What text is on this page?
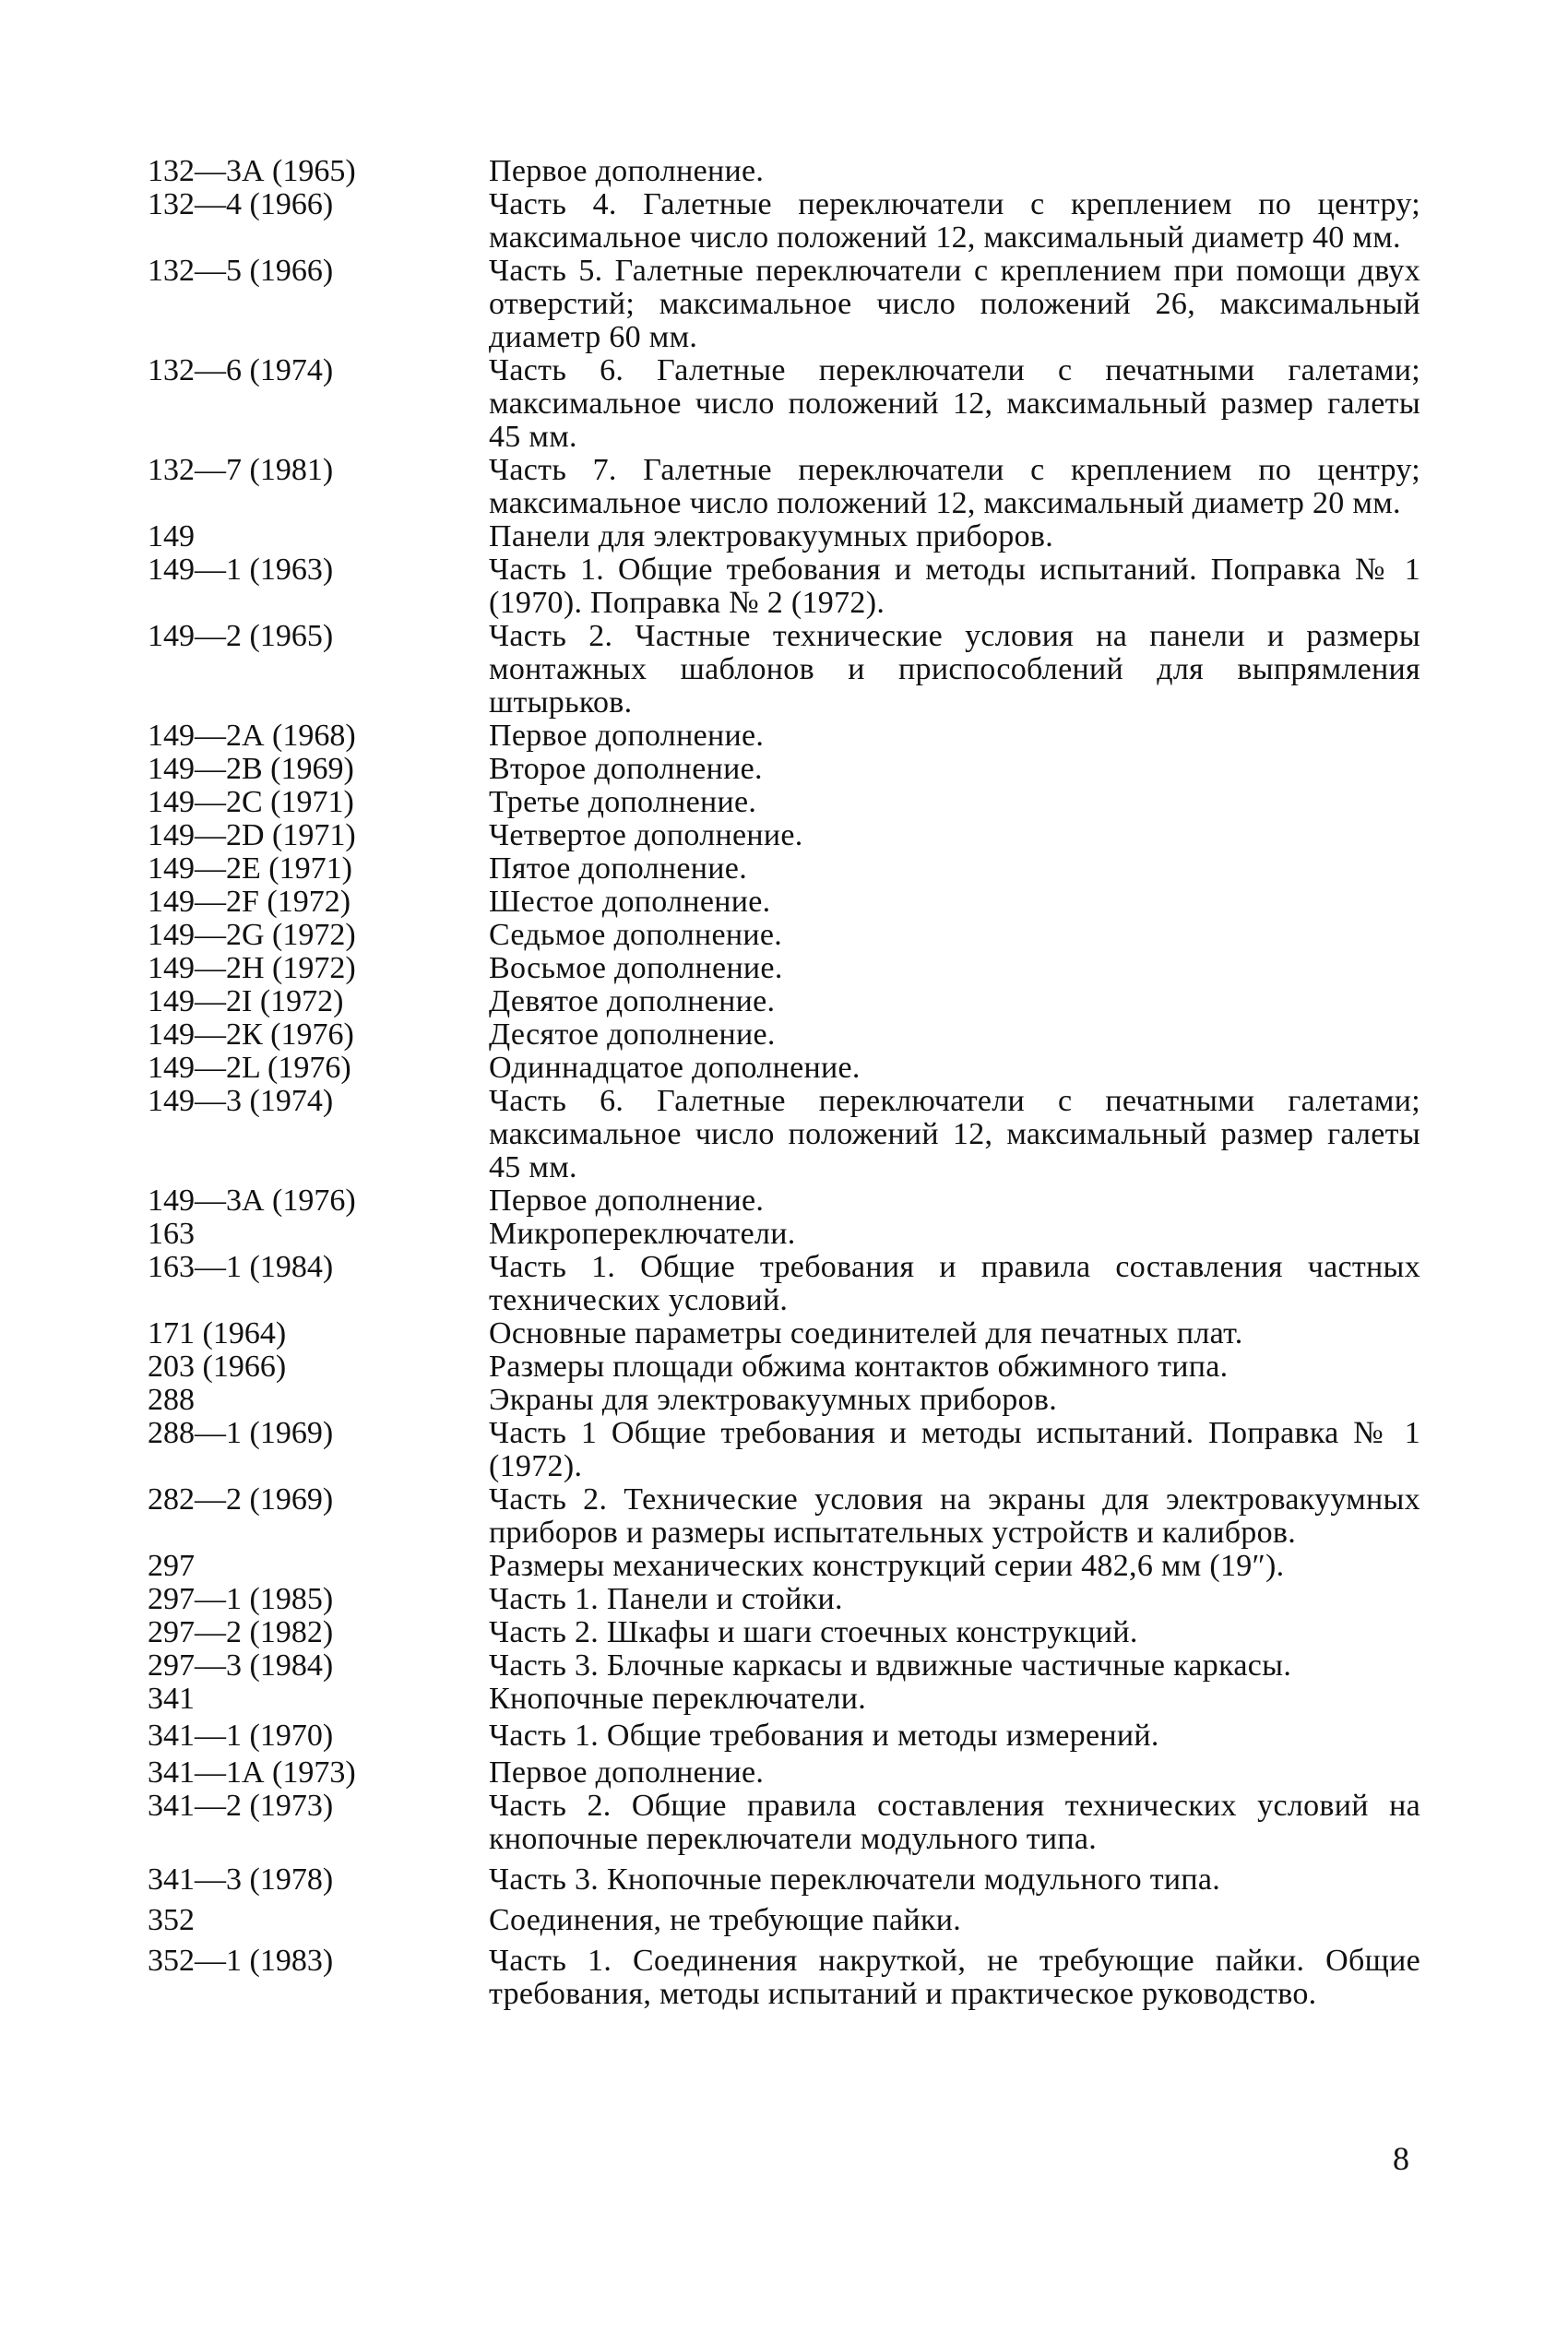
132—3А (1965)	Первое дополнение.
132—4 (1966)	Часть 4. Галетные переключатели с креплением по центру; максимальное число положений 12, максимальный диаметр 40 мм.
132—5 (1966)	Часть 5. Галетные переключатели с креплением при помощи двух отверстий; максимальное число положений 26, максимальный диаметр 60 мм.
132—6 (1974)	Часть 6. Галетные переключатели с печатными галетами; максимальное число положений 12, максимальный размер галеты 45 мм.
132—7 (1981)	Часть 7. Галетные переключатели с креплением по центру; максимальное число положений 12, максимальный диаметр 20 мм.
149	Панели для электровакуумных приборов.
149—1 (1963)	Часть 1. Общие требования и методы испытаний. Поправка № 1 (1970). Поправка № 2 (1972).
149—2 (1965)	Часть 2. Частные технические условия на панели и размеры монтажных шаблонов и приспособлений для выпрямления штырьков.
149—2А (1968)	Первое дополнение.
149—2В (1969)	Второе дополнение.
149—2С (1971)	Третье дополнение.
149—2D (1971)	Четвертое дополнение.
149—2Е (1971)	Пятое дополнение.
149—2F (1972)	Шестое дополнение.
149—2G (1972)	Седьмое дополнение.
149—2Н (1972)	Восьмое дополнение.
149—2I (1972)	Девятое дополнение.
149—2К (1976)	Десятое дополнение.
149—2L (1976)	Одиннадцатое дополнение.
149—3 (1974)	Часть 6. Галетные переключатели с печатными галетами; максимальное число положений 12, максимальный размер галеты 45 мм.
149—3А (1976)	Первое дополнение.
163	Микропереключатели.
163—1 (1984)	Часть 1. Общие требования и правила составления частных технических условий.
171 (1964)	Основные параметры соединителей для печатных плат.
203 (1966)	Размеры площади обжима контактов обжимного типа.
288	Экраны для электровакуумных приборов.
288—1 (1969)	Часть 1 Общие требования и методы испытаний. Поправка № 1 (1972).
282—2 (1969)	Часть 2. Технические условия на экраны для электровакуумных приборов и размеры испытательных устройств и калибров.
297	Размеры механических конструкций серии 482,6 мм (19″).
297—1 (1985)	Часть 1. Панели и стойки.
297—2 (1982)	Часть 2. Шкафы и шаги стоечных конструкций.
297—3 (1984)	Часть 3. Блочные каркасы и вдвижные частичные каркасы.
341	Кнопочные переключатели.
341—1 (1970)	Часть 1. Общие требования и методы измерений.
341—1А (1973)	Первое дополнение.
341—2 (1973)	Часть 2. Общие правила составления технических условий на кнопочные переключатели модульного типа.
341—3 (1978)	Часть 3. Кнопочные переключатели модульного типа.
352	Соединения, не требующие пайки.
352—1 (1983)	Часть 1. Соединения накруткой, не требующие пайки. Общие требования, методы испытаний и практическое руководство.
8
